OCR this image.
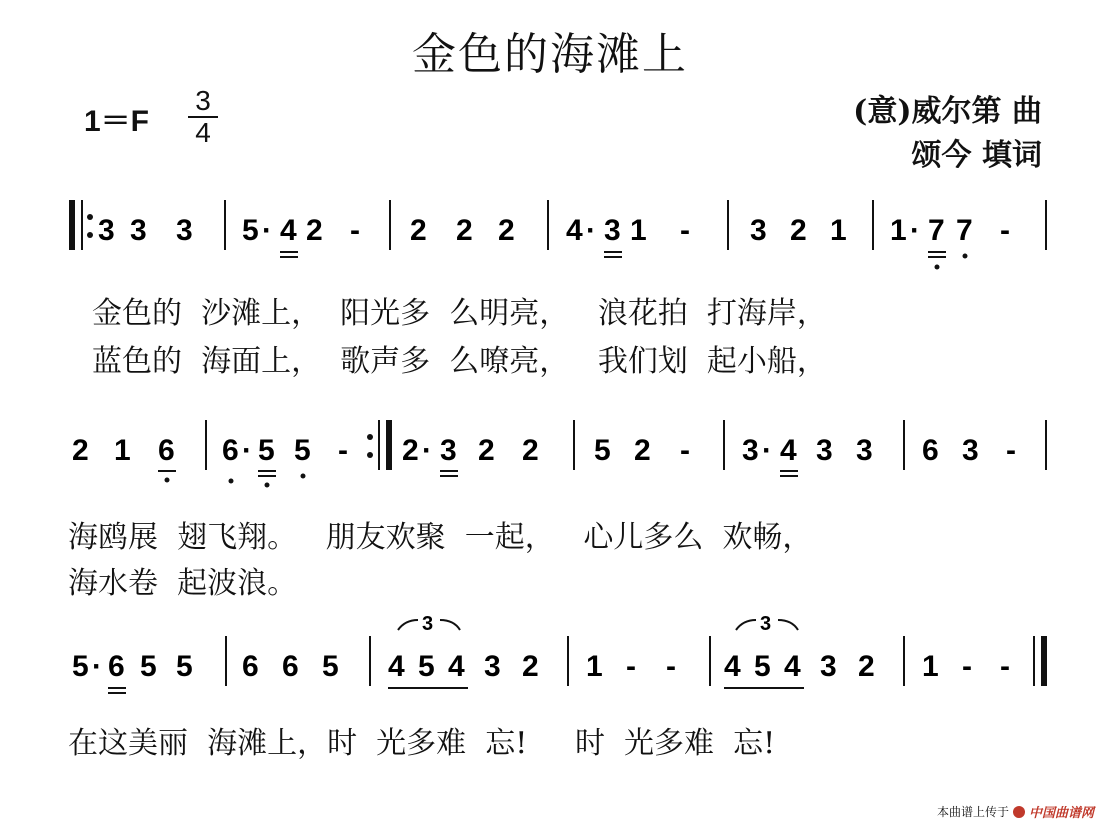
金色的海滩上
1＝F
3
4
(意)威尔第 曲
颂今 填词
3 3 3 5 · 4 2 - 2 2 2 4 · 3 1 - 3 2 1 1 · 7 7 -
2 1 6 6 · 5 5 - 2 · 3 2 2 5 2 - 3 · 4 3 3 6 3 -
5 · 6 5 5 6 6 5
3
4 5 4 3 2 1 - -
3
4 5 4 3 2 1 - -
金色的  沙滩上，  阳光多  么明亮，   浪花拍  打海岸，
蓝色的  海面上，  歌声多  么嘹亮，   我们划  起小船，
海鸥展  翅飞翔。   朋友欢聚  一起，   心儿多么  欢畅，
海水卷  起波浪。
在这美丽  海滩上，时  光多难  忘!     时  光多难  忘!
本曲谱上传于 中国曲谱网
